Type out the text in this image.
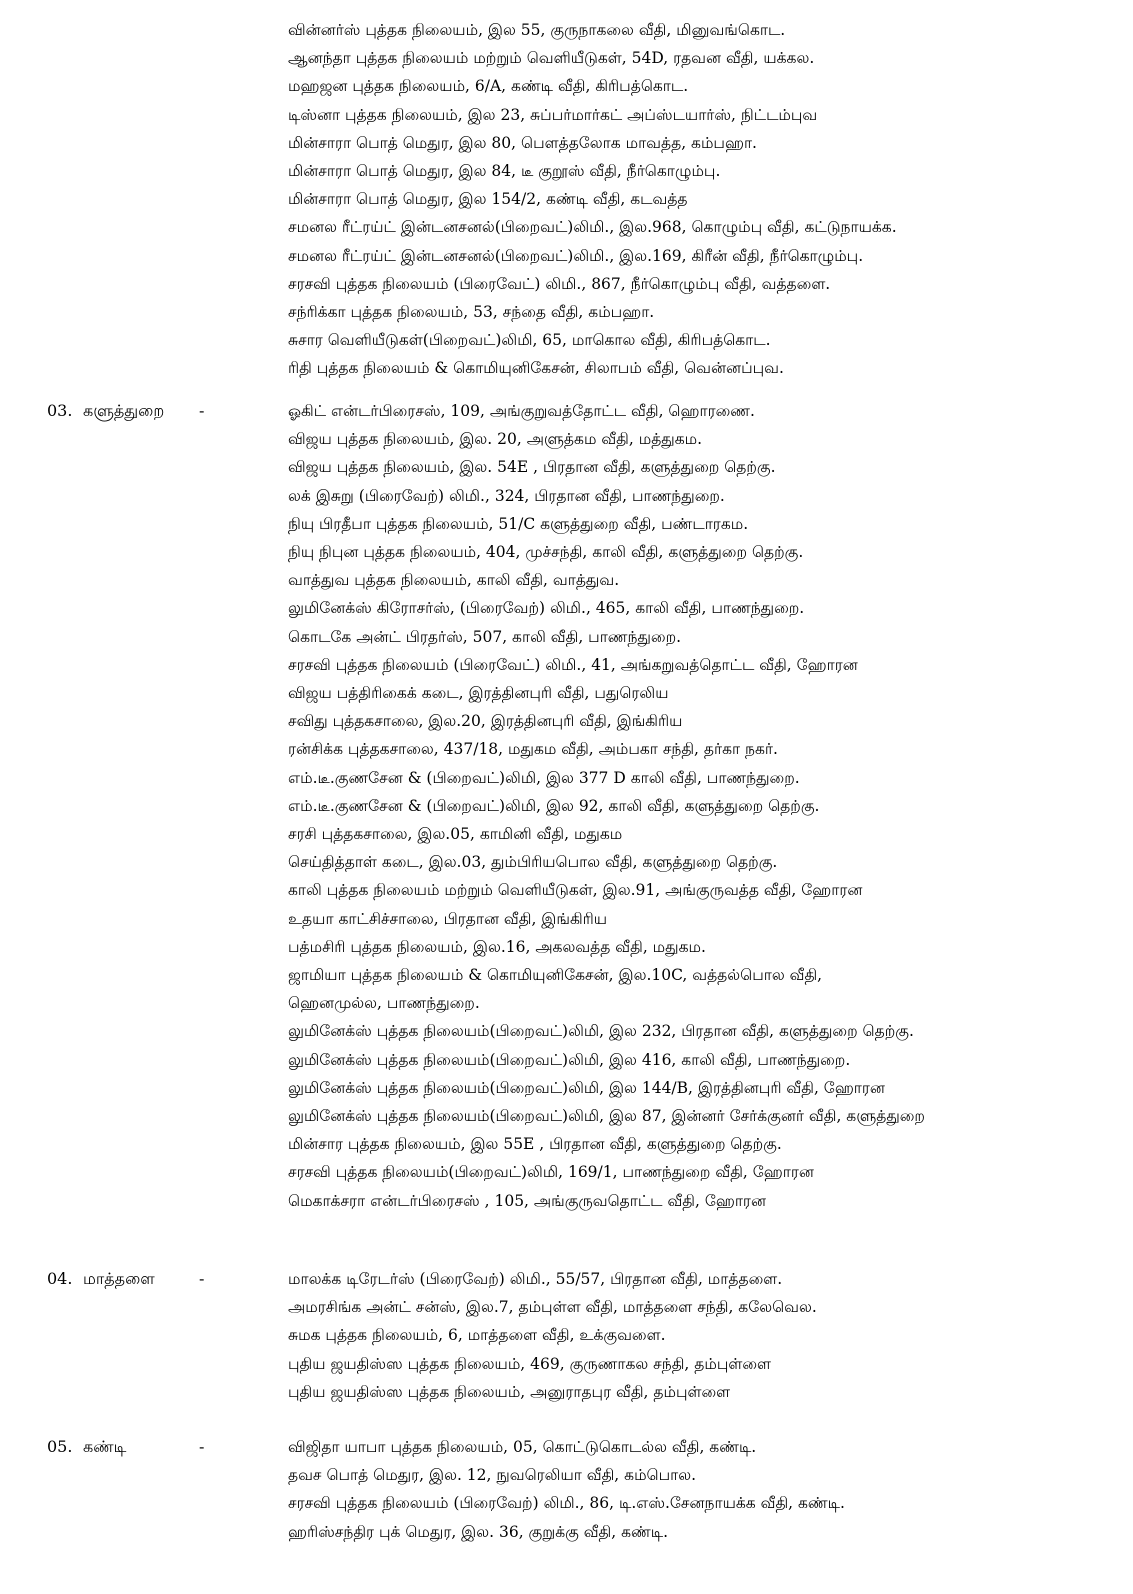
வின்னர்ஸ் புத்தக நிலையம், இல 55, குருநாகலை வீதி, மினுவங்கொட.
ஆனந்தா புத்தக நிலையம் மற்றும் வெளியீடுகள், 54D, ரதவன வீதி, யக்கல.
மஹஜன புத்தக நிலையம், 6/A, கண்டி வீதி, கிரிபத்கொட.
டிஸ்னா புத்தக நிலையம், இல 23, சுப்பர்மார்கட் அப்ஸ்டயார்ஸ், நிட்டம்புவ
மின்சாரா பொத் மெதுர, இல 80, பௌத்தலோக மாவத்த, கம்பஹா.
மின்சாரா பொத் மெதுர, இல 84, டீ குறூஸ் வீதி, நீர்கொழும்பு.
மின்சாரா பொத் மெதுர, இல 154/2, கண்டி வீதி, கடவத்த
சமனல ரீட்ரய்ட் இன்டனசனல்(பிறைவட்)லிமி., இல.968, கொழும்பு வீதி, கட்டுநாயக்க.
சமனல ரீட்ரய்ட் இன்டனசனல்(பிறைவட்)லிமி., இல.169, கிரீன் வீதி, நீர்கொழும்பு.
சரசவி புத்தக நிலையம் (பிரைவேட்) லிமி., 867, நீர்கொழும்பு வீதி, வத்தளை.
சந்ரிக்கா புத்தக நிலையம், 53, சந்தை வீதி, கம்பஹா.
சுசார வெளியீடுகள்(பிறைவட்)லிமி, 65, மாகொல வீதி, கிரிபத்கொட.
ரிதி புத்தக நிலையம் & கொமியுனிகேசன், சிலாபம் வீதி, வென்னப்புவ.
03. களுத்துறை -	ஓகிட் என்டர்பிரைசஸ், 109, அங்குறுவத்தோட்ட வீதி, ஹொரணை.
விஜய புத்தக நிலையம், இல. 20, அளுத்கம வீதி, மத்துகம.
விஜய புத்தக நிலையம், இல. 54E , பிரதான வீதி, களுத்துறை தெற்கு.
லக் இசுறு (பிரைவேற்) லிமி., 324, பிரதான வீதி, பாணந்துறை.
நியு பிரதீபா புத்தக நிலையம், 51/C களுத்துறை வீதி, பண்டாரகம.
நியு நிபுன புத்தக நிலையம், 404, முச்சந்தி, காலி வீதி, களுத்துறை தெற்கு.
வாத்துவ புத்தக நிலையம், காலி வீதி, வாத்துவ.
லுமினேக்ஸ் கிரோசர்ஸ், (பிரைவேற்) லிமி., 465, காலி வீதி, பாணந்துறை.
கொடகே அன்ட் பிரதர்ஸ், 507, காலி வீதி, பாணந்துறை.
சரசவி புத்தக நிலையம் (பிரைவேட்) லிமி., 41, அங்கறுவத்தொட்ட வீதி, ஹோரன
விஜய பத்திரிகைக் கடை, இரத்தினபுரி வீதி, பதுரெலிய
சவிது புத்தகசாலை, இல.20, இரத்தினபுரி வீதி, இங்கிரிய
ரன்சிக்க புத்தகசாலை, 437/18, மதுகம வீதி, அம்பகா சந்தி, தர்கா நகர்.
எம்.டீ.குணசேன & (பிறைவட்)லிமி, இல 377 D காலி வீதி, பாணந்துறை.
எம்.டீ.குணசேன & (பிறைவட்)லிமி, இல 92, காலி வீதி, களுத்துறை தெற்கு.
சரசி புத்தகசாலை, இல.05, காமினி வீதி, மதுகம
செய்தித்தாள் கடை, இல.03, தும்பிரியபொல வீதி, களுத்துறை தெற்கு.
காலி புத்தக நிலையம் மற்றும் வெளியீடுகள், இல.91, அங்குருவத்த வீதி, ஹோரன
உதயா காட்சிச்சாலை, பிரதான வீதி, இங்கிரிய
பத்மசிரி புத்தக நிலையம், இல.16, அகலவத்த வீதி, மதுகம.
ஜாமியா புத்தக நிலையம் & கொமியுனிகேசன், இல.10C, வத்தல்பொல வீதி,
ஹெனமுல்ல, பாணந்துறை.
லுமினேக்ஸ் புத்தக நிலையம்(பிறைவட்)லிமி, இல 232, பிரதான வீதி, களுத்துறை தெற்கு.
லுமினேக்ஸ் புத்தக நிலையம்(பிறைவட்)லிமி, இல 416, காலி வீதி, பாணந்துறை.
லுமினேக்ஸ் புத்தக நிலையம்(பிறைவட்)லிமி, இல 144/B, இரத்தினபுரி வீதி, ஹோரன
லுமினேக்ஸ் புத்தக நிலையம்(பிறைவட்)லிமி, இல 87, இன்னர் சேர்க்குனர் வீதி, களுத்துறை
மின்சார புத்தக நிலையம், இல 55E , பிரதான வீதி, களுத்துறை தெற்கு.
சரசவி புத்தக நிலையம்(பிறைவட்)லிமி, 169/1, பாணந்துறை வீதி, ஹோரன
மெகாக்சரா என்டர்பிரைசஸ் , 105, அங்குருவதொட்ட வீதி, ஹோரன
04. மாத்தளை	-	மாலக்க டிரேடர்ஸ் (பிரைவேற்) லிமி., 55/57, பிரதான வீதி, மாத்தளை.
அமரசிங்க அன்ட் சன்ஸ், இல.7, தம்புள்ள வீதி, மாத்தளை சந்தி, கலேவெல.
சுமக புத்தக நிலையம், 6, மாத்தளை வீதி, உக்குவளை.
புதிய ஜயதிஸ்ஸ புத்தக நிலையம், 469, குருணாகல சந்தி, தம்புள்ளை
புதிய ஜயதிஸ்ஸ புத்தக நிலையம், அனுராதபுர வீதி, தம்புள்ளை
05. கண்டி	-	விஜிதா யாபா புத்தக நிலையம், 05, கொட்டுகொடல்ல வீதி, கண்டி.
தவச பொத் மெதுர, இல. 12, நுவரெலியா வீதி, கம்பொல.
சரசவி புத்தக நிலையம் (பிரைவேற்) லிமி., 86, டி.எஸ்.சேனநாயக்க வீதி, கண்டி.
ஹரிஸ்சந்திர புக் மெதுர, இல. 36, குறுக்கு வீதி, கண்டி.
